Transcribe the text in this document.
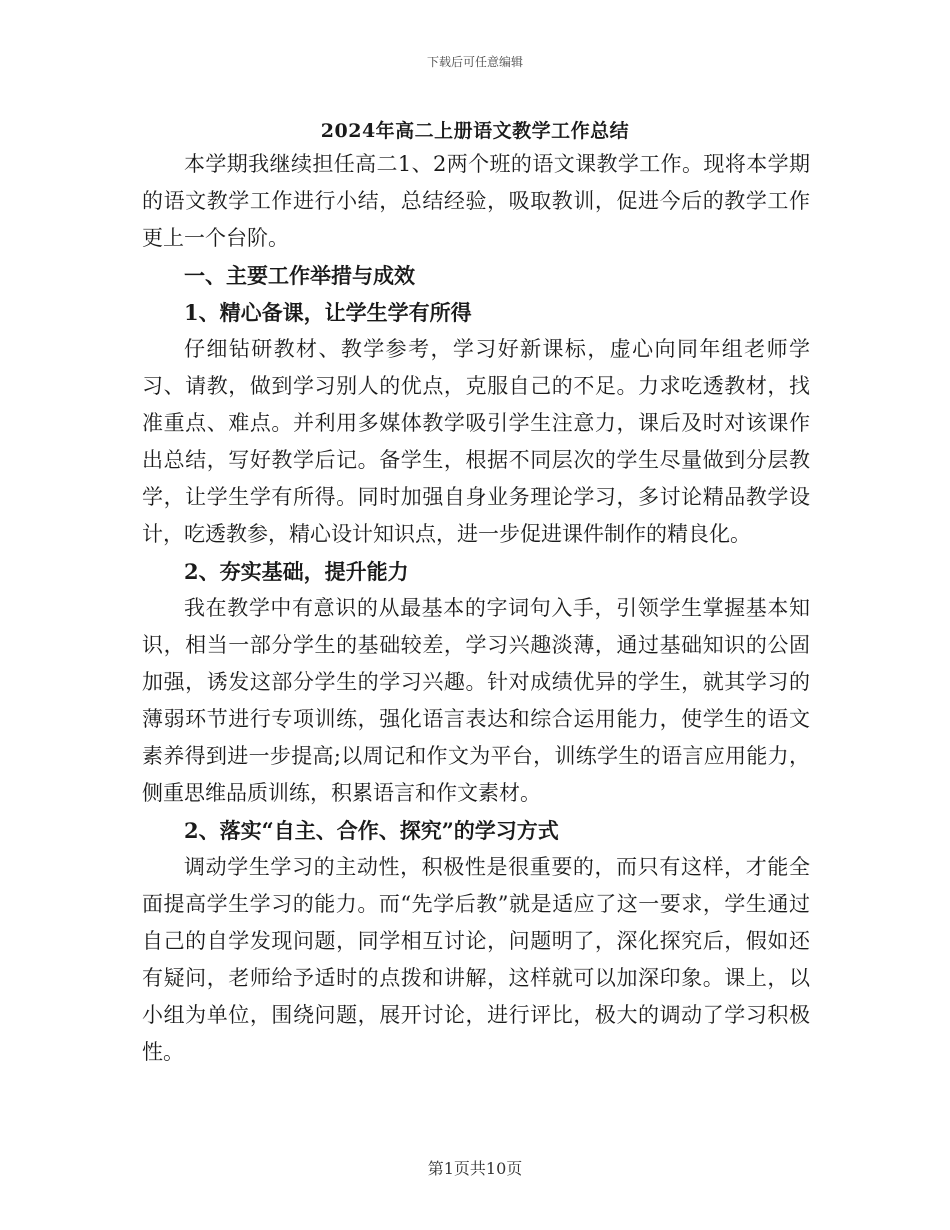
下载后可任意编辑
2024年高二上册语文教学工作总结

本学期我继续担任高二1、2两个班的语文课教学工作。现将本学期的语文教学工作进行小结，总结经验，吸取教训，促进今后的教学工作更上一个台阶。

一、主要工作举措与成效

1、精心备课，让学生学有所得

仔细钻研教材、教学参考，学习好新课标，虚心向同年组老师学习、请教，做到学习别人的优点，克服自己的不足。力求吃透教材，找准重点、难点。并利用多媒体教学吸引学生注意力，课后及时对该课作出总结，写好教学后记。备学生，根据不同层次的学生尽量做到分层教学，让学生学有所得。同时加强自身业务理论学习，多讨论精品教学设计，吃透教参，精心设计知识点，进一步促进课件制作的精良化。

2、夯实基础，提升能力

我在教学中有意识的从最基本的字词句入手，引领学生掌握基本知识，相当一部分学生的基础较差，学习兴趣淡薄，通过基础知识的公固加强，诱发这部分学生的学习兴趣。针对成绩优异的学生，就其学习的薄弱环节进行专项训练，强化语言表达和综合运用能力，使学生的语文素养得到进一步提高;以周记和作文为平台，训练学生的语言应用能力，侧重思维品质训练，积累语言和作文素材。

2、落实“自主、合作、探究”的学习方式

调动学生学习的主动性，积极性是很重要的，而只有这样，才能全面提高学生学习的能力。而“先学后教”就是适应了这一要求，学生通过自己的自学发现问题，同学相互讨论，问题明了，深化探究后，假如还有疑问，老师给予适时的点拨和讲解，这样就可以加深印象。课上，以小组为单位，围绕问题，展开讨论，进行评比，极大的调动了学习积极性。

第1页共10页
